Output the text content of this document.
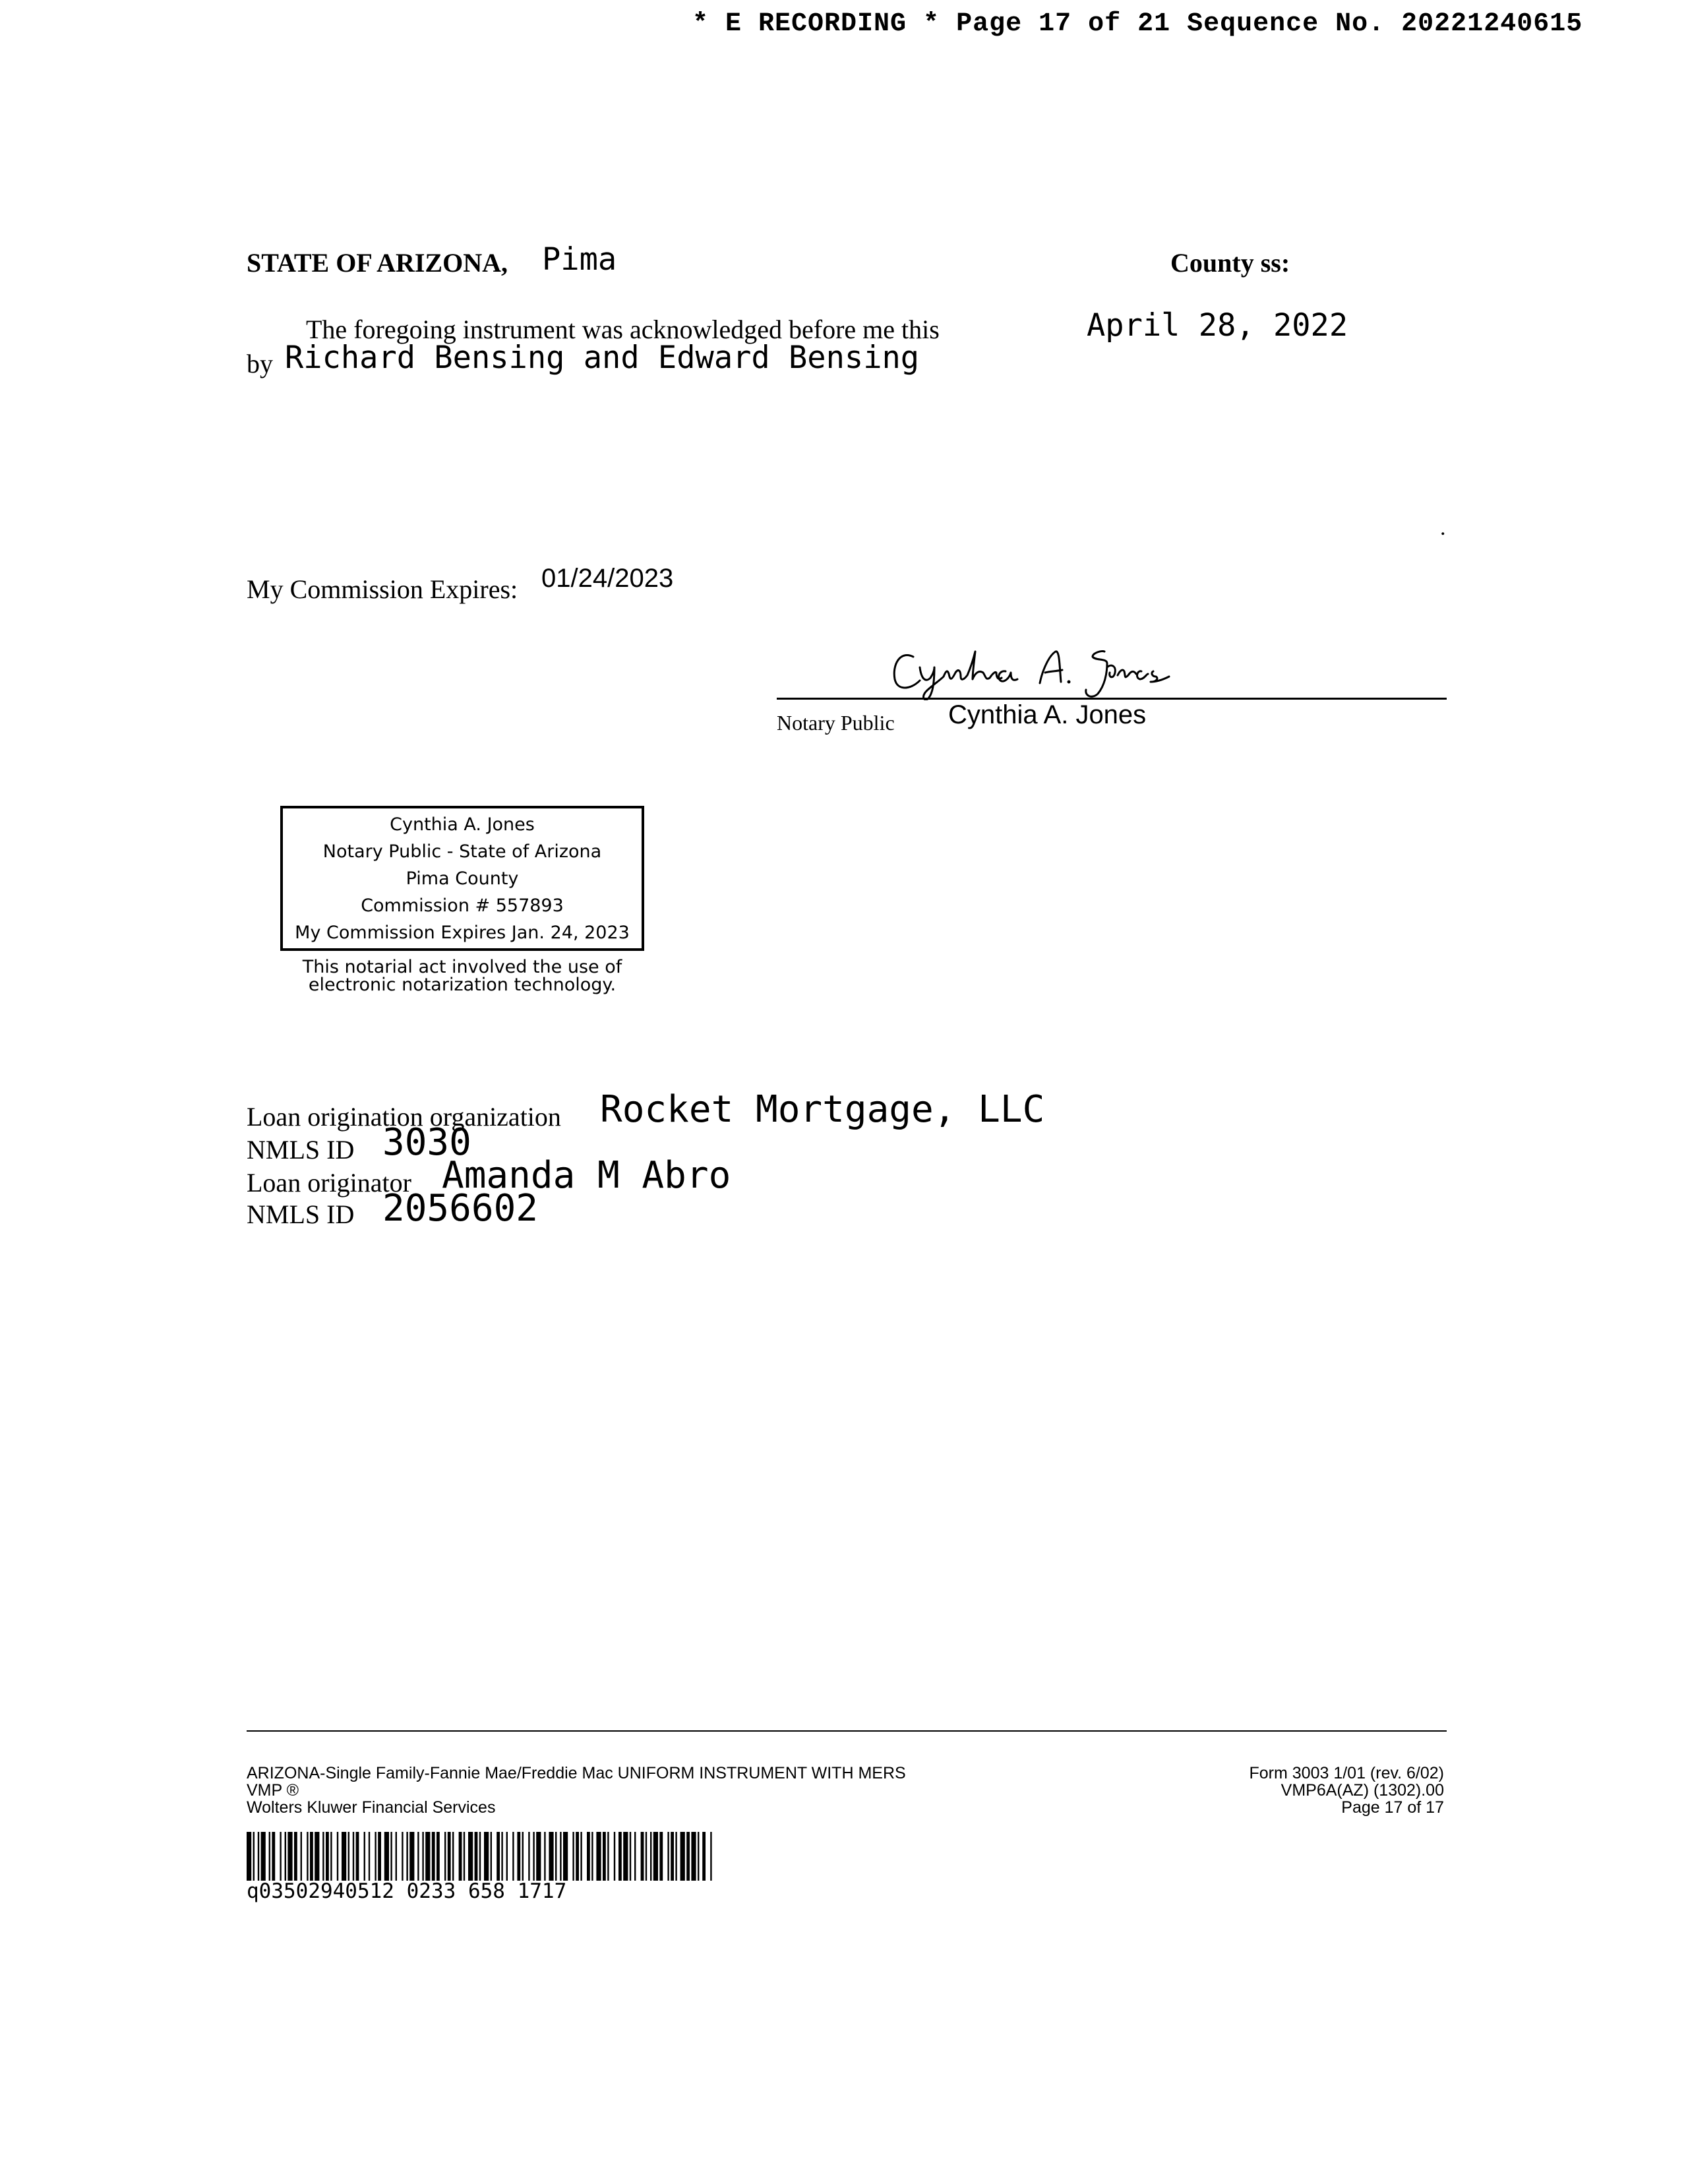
* E RECORDING * Page 17 of 21 Sequence No. 20221240615
STATE OF ARIZONA, Pima	County ss:
The foregoing instrument was acknowledged before me this	April 28, 2022
by Richard Bensing and Edward Bensing
.
My Commission Expires: 01/24/2023
Notary Public Cynthia A. Jones
Cynthia A. Jones
Notary Public - State of Arizona
Pima County
Commission # 557893
My Commission Expires Jan. 24, 2023
This notarial act involved the use of
electronic notarization technology.
Loan origination organization Rocket Mortgage, LLC
NMLS ID 3030
Loan originator Amanda M Abro
NMLS ID 2056602
ARIZONA-Single Family-Fannie Mae/Freddie Mac UNIFORM INSTRUMENT WITH MERS
VMP ®
Wolters Kluwer Financial Services
Form 3003 1/01 (rev. 6/02)
VMP6A(AZ) (1302).00
Page 17 of 17
q03502940512 0233 658 1717
